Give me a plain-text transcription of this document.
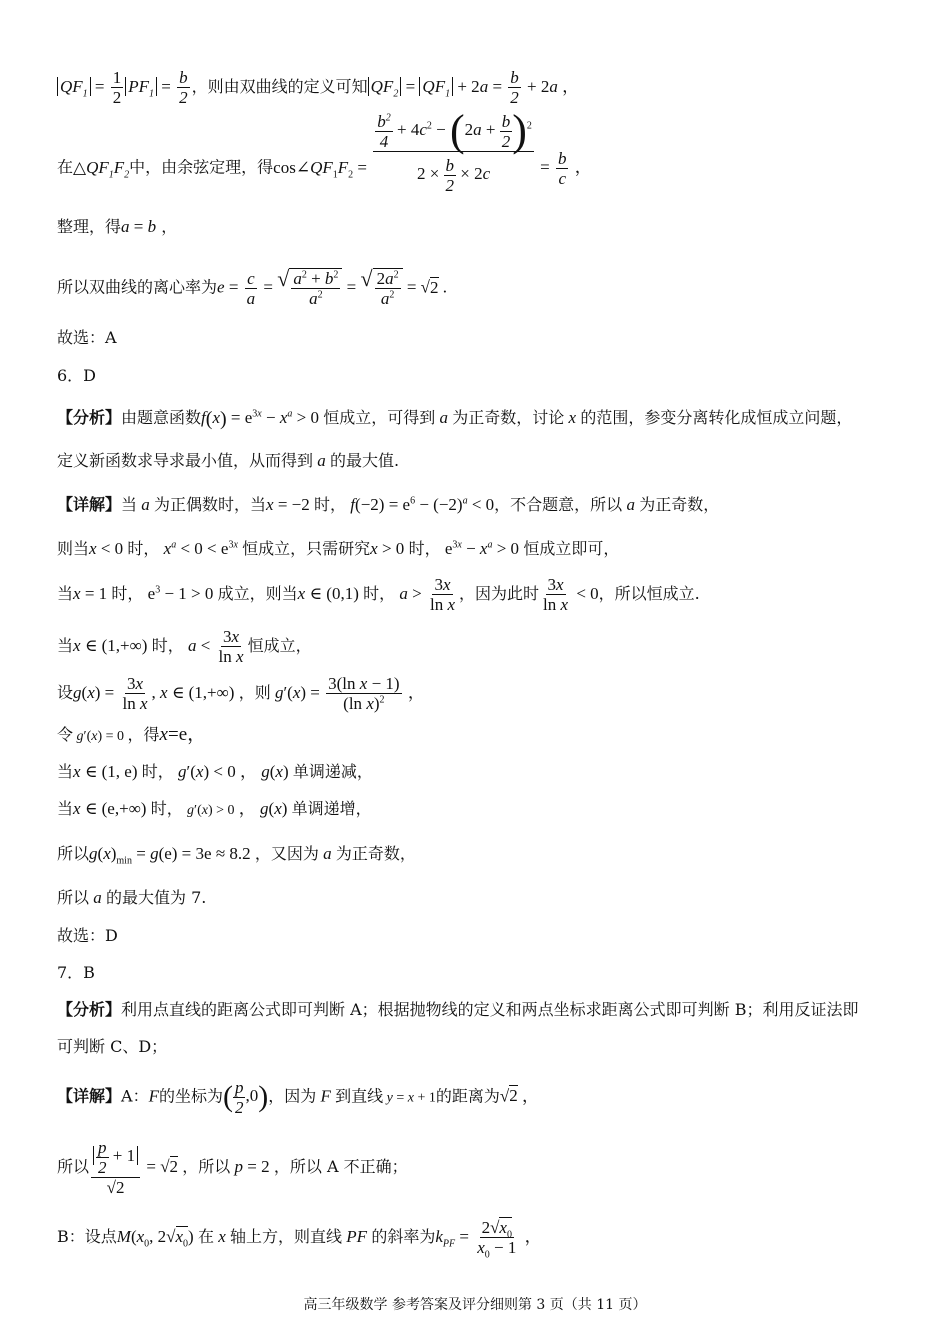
$QF_1 = \frac{1}{2} PF_1 = \frac{b}{2}$ ，则由双曲线的定义可知 $QF_2 = QF_1 + 2a = \frac{b}{2} + 2a$ ，
在$\triangle QF_1F_2$中，由余弦定理，得$\cos\angle QF_1F_2 = \frac{\frac{b^2}{4} + 4c^2 - (2a + \frac{b}{2} )^2}{2 \times \frac{b}{2} \times 2c} = \frac{b}{c}$ ，
整理，得a = b ，
所以双曲线的离心率为$e = \frac{c}{a}$ = √ $\frac{a^2 + b^2}{a^2}$ = √ $\frac{2a^2}{a^2} = √2$ .
故选：A
6．D
【分析】由题意函数$f(x) = e^{3x} - x^a > 0$ 恒成立，可得到 a 为正奇数，讨论 x 的范围，参变分离转化成恒成立问题，
定义新函数求导求最小值，从而得到 a 的最大值.
【详解】当 a 为正偶数时，当x = −2 时， $f(-2) = e^6 - (-2)^a < 0$，不合题意，所以 a 为正奇数，
则当x < 0 时， $x^a < 0 < e^{3x}$ 恒成立，只需研究x > 0 时， $e^{3x} - x^a > 0$ 恒成立即可，
当x = 1 时， $e^3 - 1 > 0$ 成立，则当x ∈ (0,1) 时， $a > \frac{3x}{\text{ln x}}$ ，因为此时 $\frac{3x}{\text{ln x}} < 0$，所以恒成立.
当x ∈ (1,+∞) 时， $a < \frac{3x}{\text{ln x}}$ 恒成立，
设$g(x) = \frac{3x}{\text{ln x}}$ , x ∈ (1,+∞) ，则 $g'(x) = \frac{\text{3(ln x − 1)}}{(\ln x)^2}$ ，
令 g′(x) = 0 ，得x=e，
当x ∈ (1, e) 时， g′(x) < 0 ， g(x) 单调递减，
当x ∈ (e,+∞) 时， g′(x) > 0 ， g(x) 单调递增，
所以$g(x)_{min} = g(e) = 3e \approx 8.2$ ，又因为 a 为正奇数，
所以 a 的最大值为 7.
故选：D
7．B
【分析】利用点直线的距离公式即可判断 A；根据抛物线的定义和两点坐标求距离公式即可判断 B；利用反证法即
可判断 C、D；
【详解】A：F的坐标为( $\frac{p}{2} ,0$)，因为 F 到直线 y = x + 1的距离为√2 ，
所以 $\frac{\frac{p}{2} + 1}{√2} = √2$ ，所以 p = 2 ，所以 A 不正确；
B：设点$M(x_0$, $2√x_0$) 在 x 轴上方，则直线 PF 的斜率为$k_{PF} = \frac{2√x_0}{x_0 - 1}$ ，
高三年级数学 参考答案及评分细则第 3 页（共 11 页）
